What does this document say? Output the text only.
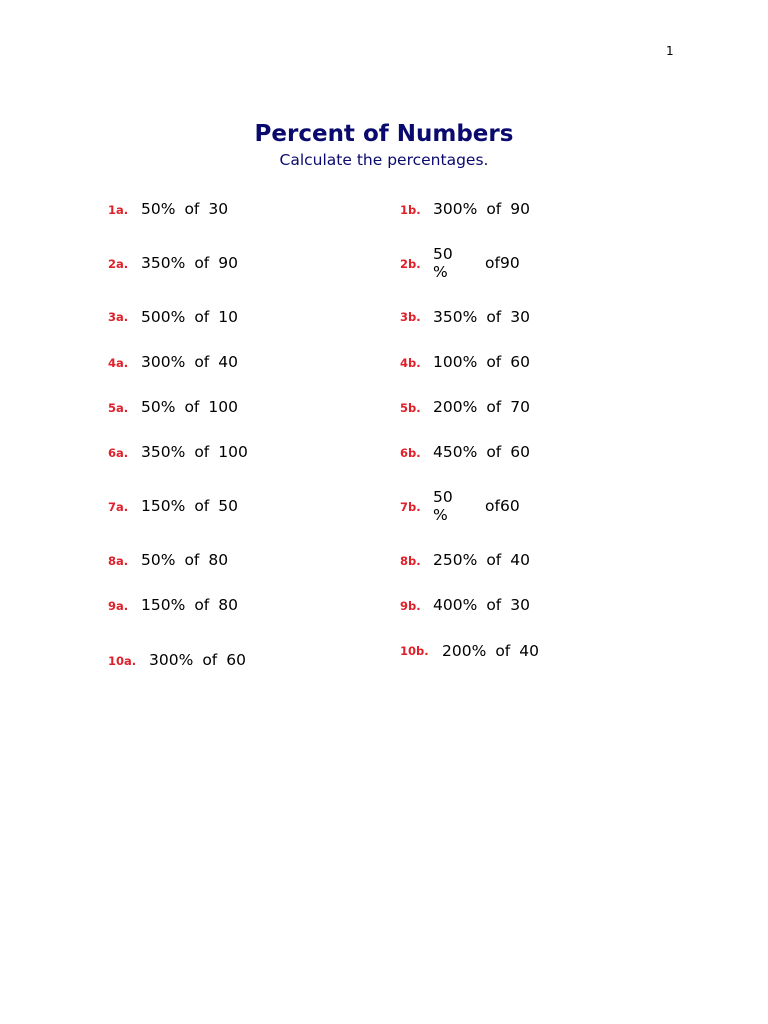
1
Percent of Numbers
Calculate the percentages.
1a. 50% of 30
2a. 350% of 90
3a. 500% of 10
4a. 300% of 40
5a. 50% of 100
6a. 350% of 100
7a. 150% of 50
8a. 50% of 80
9a. 150% of 80
10a. 300% of 60
1b. 300% of 90
2b.
50
%	of90
3b. 350% of 30
4b. 100% of 60
5b. 200% of 70
6b. 450% of 60
7b.
50
%	of60
8b. 250% of 40
9b. 400% of 30
10b. 200% of 40
